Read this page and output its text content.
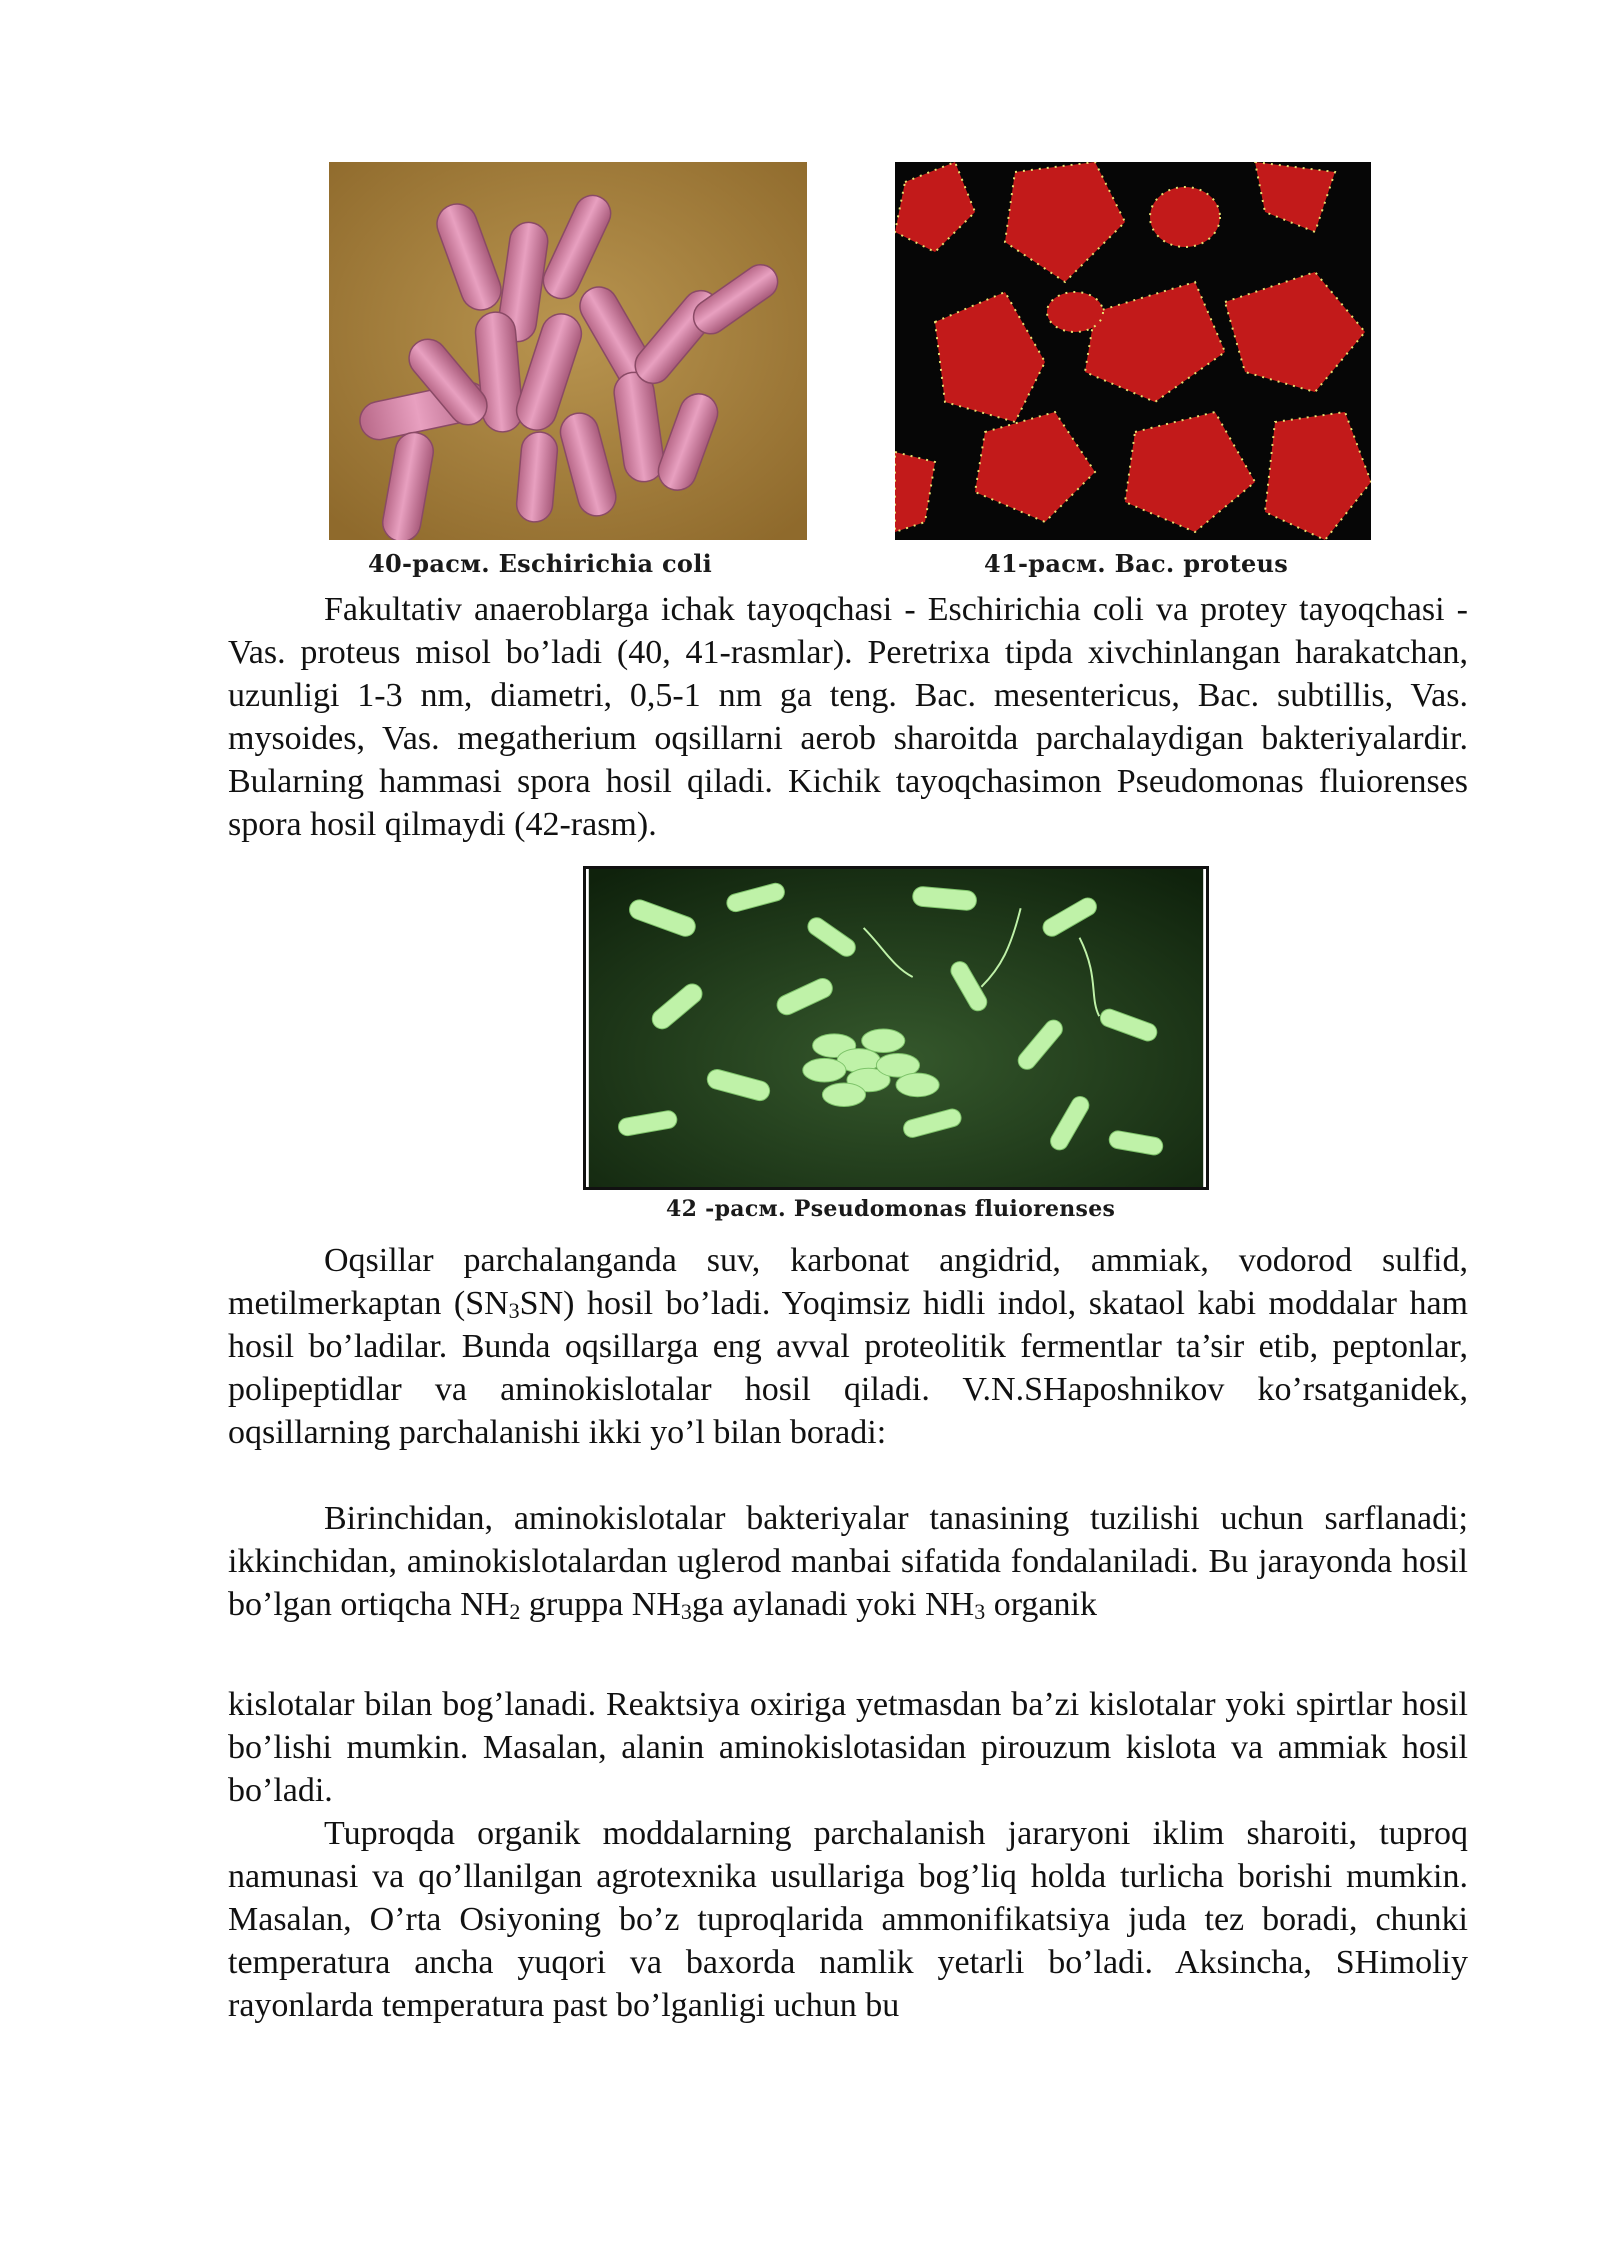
40-расм. Eschirichia coli	41-расм. Bac. proteus

Fakultativ anaeroblarga ichak tayoqchasi - Eschirichia coli va protey tayoqchasi - Vas. proteus misol bo’ladi (40, 41-rasmlar). Peretrixa tipda xivchinlangan harakatchan, uzunligi 1-3 nm, diametri, 0,5-1 nm ga teng. Bac. mesentericus, Bac. subtillis, Vas. mysoides, Vas. megatherium oqsillarni aerob sharoitda parchalaydigan bakteriyalardir. Bularning hammasi spora hosil qiladi. Kichik tayoqchasimon Pseudomonas fluiorenses spora hosil qilmaydi (42-rasm).

42 -расм. Pseudomonas fluiorenses

Oqsillar parchalanganda suv, karbonat angidrid, ammiak, vodorod sulfid, metilmerkaptan $(SN_3SN)$ hosil bo’ladi. Yoqimsiz hidli indol, skataol kabi moddalar ham hosil bo’ladilar. Bunda oqsillarga eng avval proteolitik fermentlar ta’sir etib, peptonlar, polipeptidlar va aminokislotalar hosil qiladi. V.N.SHaposhnikov ko’rsatganidek, oqsillarning parchalanishi ikki yo’l bilan boradi:

Birinchidan, aminokislotalar bakteriyalar tanasining tuzilishi uchun sarflanadi; ikkinchidan, aminokislotalardan uglerod manbai sifatida fondalaniladi. Bu jarayonda hosil bo’lgan ortiqcha $NH_2$ gruppa $NH_3ga$ aylanadi yoki $NH_3$ organik

kislotalar bilan bog’lanadi. Reaktsiya oxiriga yetmasdan ba’zi kislotalar yoki spirtlar hosil bo’lishi mumkin. Masalan, alanin aminokislotasidan pirouzum kislota va ammiak hosil bo’ladi.

Tuproqda organik moddalarning parchalanish jararyoni iklim sharoiti, tuproq namunasi va qo’llanilgan agrotexnika usullariga bog’liq holda turlicha borishi mumkin. Masalan, O’rta Osiyoning bo’z tuproqlarida ammonifikatsiya juda tez boradi, chunki temperatura ancha yuqori va baxorda namlik yetarli bo’ladi. Aksincha, SHimoliy rayonlarda temperatura past bo’lganligi uchun bu
